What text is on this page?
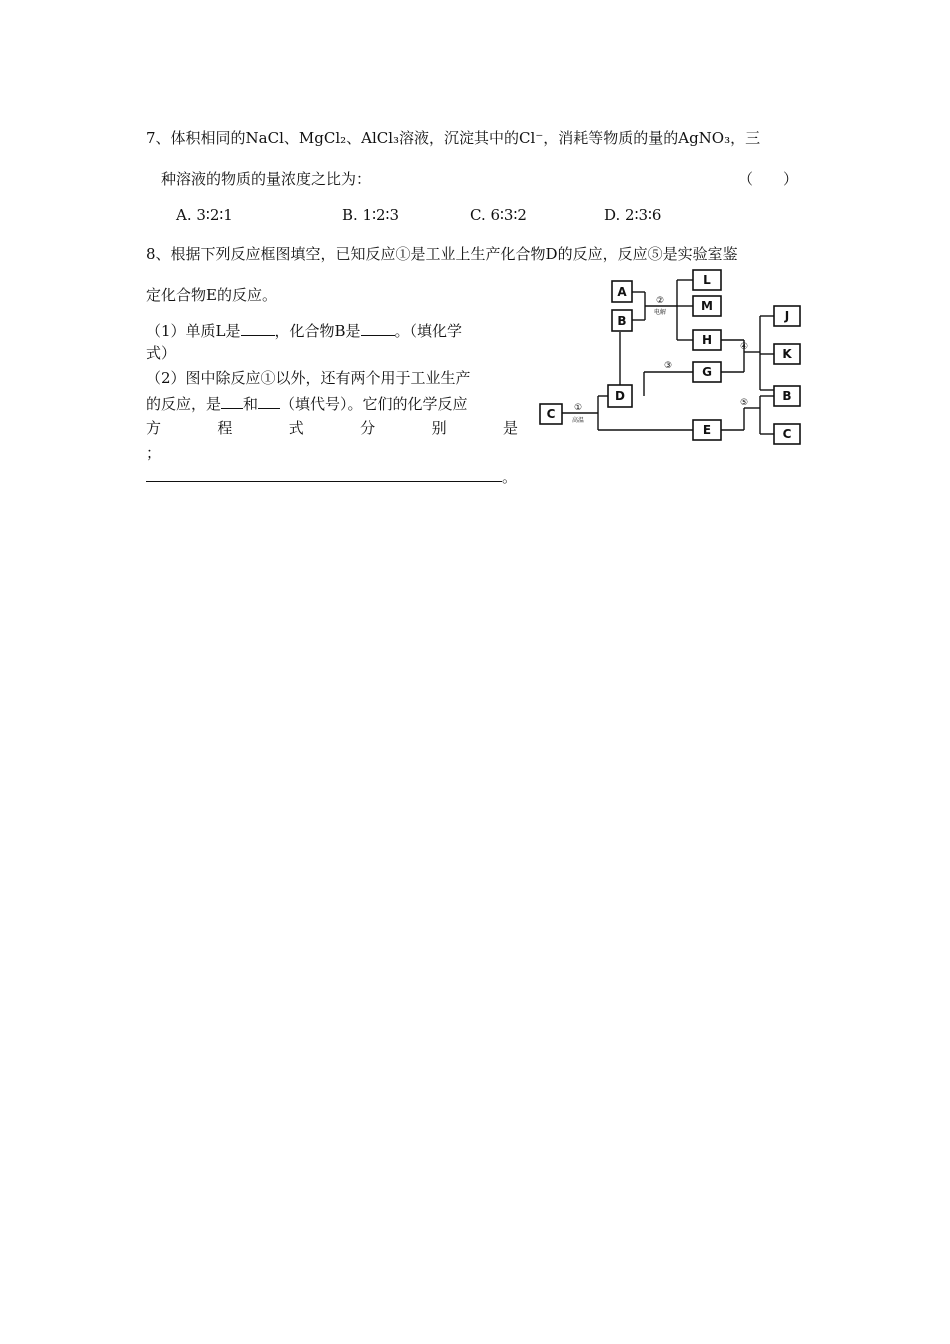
7、体积相同的NaCl、MgCl₂、AlCl₃溶液，沉淀其中的Cl⁻，消耗等物质的量的AgNO₃，三
种溶液的物质的量浓度之比为：	（　　）
A. 3∶2∶1	B. 1∶2∶3	C. 6∶3∶2	D. 2∶3∶6
8、根据下列反应框图填空，已知反应①是工业上生产化合物D的反应，反应⑤是实验室鉴
定化合物E的反应。
（1）单质L是 ，化合物B是 。（填化学
式）
（2）图中除反应①以外，还有两个用于工业生产
的反应，是 和 （填代号）。它们的化学反应
方	程	式	分	别	是
；
。
A
B
L
M
H
G
D
C
E
J
K
B
C
①
高温
②
电解
③
④
⑤
